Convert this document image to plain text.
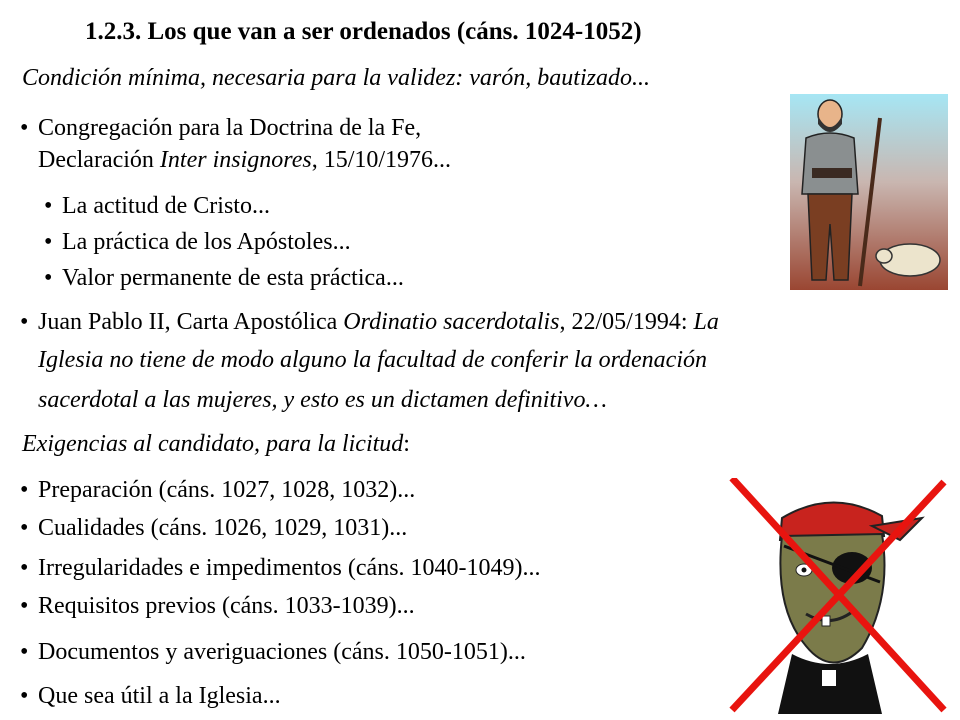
1.2.3. Los que van a ser ordenados (cáns. 1024-1052)
Condición mínima, necesaria para la validez: varón, bautizado...
• Congregación para la Doctrina de la Fe,
Declaración Inter insignores, 15/10/1976...
• La actitud de Cristo...
• La práctica de los Apóstoles...
• Valor permanente de esta práctica...
• Juan Pablo II, Carta Apostólica Ordinatio sacerdotalis, 22/05/1994: La
Iglesia no tiene de modo alguno la facultad de conferir la ordenación
sacerdotal a las mujeres, y esto es un dictamen definitivo…
Exigencias al candidato, para la licitud:
• Preparación (cáns. 1027, 1028, 1032)...
• Cualidades (cáns. 1026, 1029, 1031)...
• Irregularidades e impedimentos (cáns. 1040-1049)...
• Requisitos previos (cáns. 1033-1039)...
• Documentos y averiguaciones (cáns. 1050-1051)...
• Que sea útil a la Iglesia...
